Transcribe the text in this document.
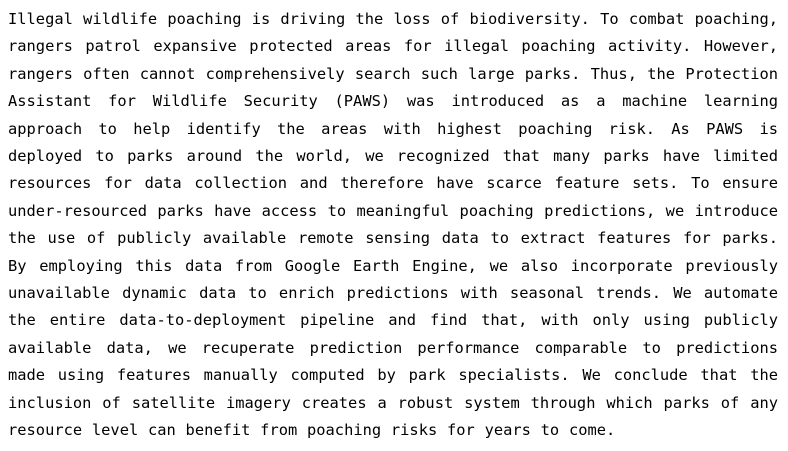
Illegal wildlife poaching is driving the loss of biodiversity. To combat poaching, rangers patrol expansive protected areas for illegal poaching activity. However, rangers often cannot comprehensively search such large parks. Thus, the Protection Assistant for Wildlife Security (PAWS) was introduced as a machine learning approach to help identify the areas with highest poaching risk. As PAWS is deployed to parks around the world, we recognized that many parks have limited resources for data collection and therefore have scarce feature sets. To ensure under-resourced parks have access to meaningful poaching predictions, we introduce the use of publicly available remote sensing data to extract features for parks. By employing this data from Google Earth Engine, we also incorporate previously unavailable dynamic data to enrich predictions with seasonal trends. We automate the entire data-to-deployment pipeline and find that, with only using publicly available data, we recuperate prediction performance comparable to predictions made using features manually computed by park specialists. We conclude that the inclusion of satellite imagery creates a robust system through which parks of any resource level can benefit from poaching risks for years to come.
